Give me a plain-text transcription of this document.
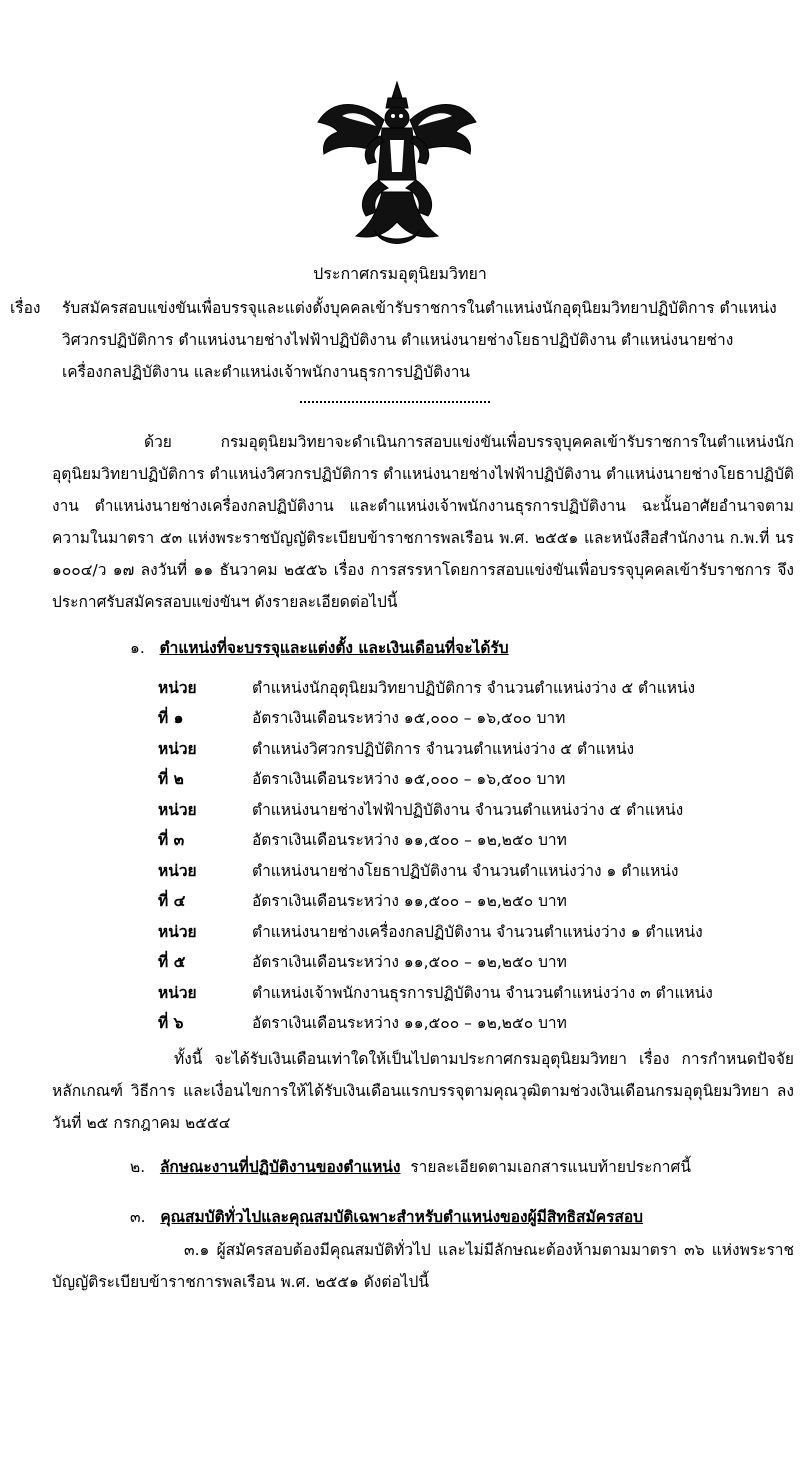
ประกาศกรมอุตุนิยมวิทยา
เรื่อง รับสมัครสอบแข่งขันเพื่อบรรจุและแต่งตั้งบุคคลเข้ารับราชการในตำแหน่งนักอุตุนิยมวิทยาปฏิบัติการ ตำแหน่งวิศวกรปฏิบัติการ ตำแหน่งนายช่างไฟฟ้าปฏิบัติงาน ตำแหน่งนายช่างโยธาปฏิบัติงาน ตำแหน่งนายช่างเครื่องกลปฏิบัติงาน และตำแหน่งเจ้าพนักงานธุรการปฏิบัติงาน
ด้วย กรมอุตุนิยมวิทยาจะดำเนินการสอบแข่งขันเพื่อบรรจุบุคคลเข้ารับราชการในตำแหน่งนักอุตุนิยมวิทยาปฏิบัติการ ตำแหน่งวิศวกรปฏิบัติการ ตำแหน่งนายช่างไฟฟ้าปฏิบัติงาน ตำแหน่งนายช่างโยธาปฏิบัติงาน ตำแหน่งนายช่างเครื่องกลปฏิบัติงาน และตำแหน่งเจ้าพนักงานธุรการปฏิบัติงาน ฉะนั้นอาศัยอำนาจตามความในมาตรา ๕๓ แห่งพระราชบัญญัติระเบียบข้าราชการพลเรือน พ.ศ. ๒๕๕๑ และหนังสือสำนักงาน ก.พ.ที่ นร ๑๐๐๔/ว ๑๗ ลงวันที่ ๑๑ ธันวาคม ๒๕๕๖ เรื่อง การสรรหาโดยการสอบแข่งขันเพื่อบรรจุบุคคลเข้ารับราชการ จึงประกาศรับสมัครสอบแข่งขันฯ ดังรายละเอียดต่อไปนี้
๑. ตำแหน่งที่จะบรรจุและแต่งตั้ง และเงินเดือนที่จะได้รับ
หน่วยที่ ๑
ตำแหน่งนักอุตุนิยมวิทยาปฏิบัติการ จำนวนตำแหน่งว่าง ๕ ตำแหน่ง
อัตราเงินเดือนระหว่าง ๑๕,๐๐๐ – ๑๖,๕๐๐ บาท
หน่วยที่ ๒
ตำแหน่งวิศวกรปฏิบัติการ จำนวนตำแหน่งว่าง ๕ ตำแหน่ง
อัตราเงินเดือนระหว่าง ๑๕,๐๐๐ – ๑๖,๕๐๐ บาท
หน่วยที่ ๓
ตำแหน่งนายช่างไฟฟ้าปฏิบัติงาน จำนวนตำแหน่งว่าง ๕ ตำแหน่ง
อัตราเงินเดือนระหว่าง ๑๑,๕๐๐ – ๑๒,๒๕๐ บาท
หน่วยที่ ๔
ตำแหน่งนายช่างโยธาปฏิบัติงาน จำนวนตำแหน่งว่าง ๑ ตำแหน่ง
อัตราเงินเดือนระหว่าง ๑๑,๕๐๐ – ๑๒,๒๕๐ บาท
หน่วยที่ ๕
ตำแหน่งนายช่างเครื่องกลปฏิบัติงาน จำนวนตำแหน่งว่าง ๑ ตำแหน่ง
อัตราเงินเดือนระหว่าง ๑๑,๕๐๐ – ๑๒,๒๕๐ บาท
หน่วยที่ ๖
ตำแหน่งเจ้าพนักงานธุรการปฏิบัติงาน จำนวนตำแหน่งว่าง ๓ ตำแหน่ง
อัตราเงินเดือนระหว่าง ๑๑,๕๐๐ – ๑๒,๒๕๐ บาท
ทั้งนี้ จะได้รับเงินเดือนเท่าใดให้เป็นไปตามประกาศกรมอุตุนิยมวิทยา เรื่อง การกำหนดปัจจัย หลักเกณฑ์ วิธีการ และเงื่อนไขการให้ได้รับเงินเดือนแรกบรรจุตามคุณวุฒิตามช่วงเงินเดือนกรมอุตุนิยมวิทยา ลงวันที่ ๒๕ กรกฎาคม ๒๕๕๔
๒. ลักษณะงานที่ปฏิบัติงานของตำแหน่ง รายละเอียดตามเอกสารแนบท้ายประกาศนี้
๓. คุณสมบัติทั่วไปและคุณสมบัติเฉพาะสำหรับตำแหน่งของผู้มีสิทธิสมัครสอบ
๓.๑ ผู้สมัครสอบต้องมีคุณสมบัติทั่วไป และไม่มีลักษณะต้องห้ามตามมาตรา ๓๖ แห่งพระราชบัญญัติระเบียบข้าราชการพลเรือน พ.ศ. ๒๕๕๑ ดังต่อไปนี้
